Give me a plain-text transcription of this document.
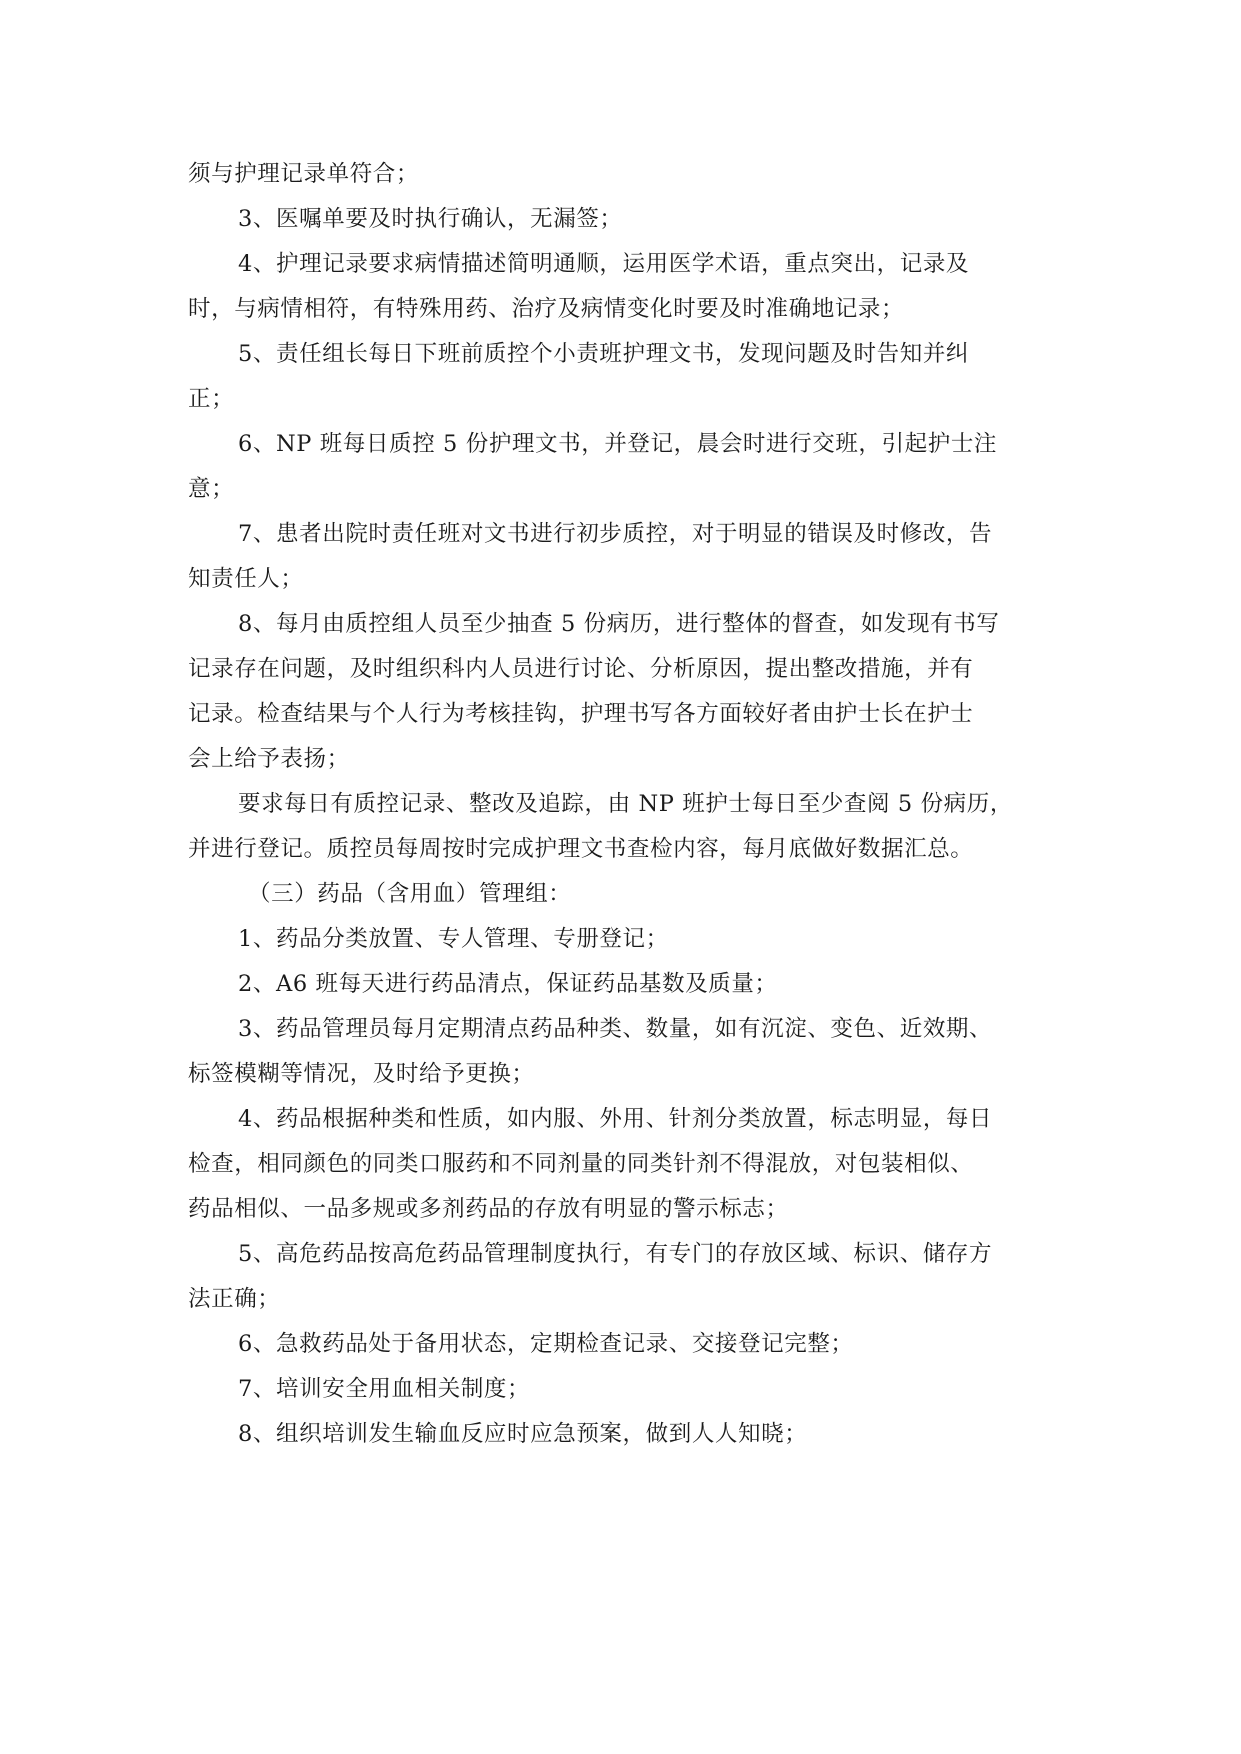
须与护理记录单符合；

3、医嘱单要及时执行确认，无漏签；

4、护理记录要求病情描述简明通顺，运用医学术语，重点突出，记录及

时，与病情相符，有特殊用药、治疗及病情变化时要及时准确地记录；

5、责任组长每日下班前质控个小责班护理文书，发现问题及时告知并纠

正；

6、NP 班每日质控 5 份护理文书，并登记，晨会时进行交班，引起护士注

意；

7、患者出院时责任班对文书进行初步质控，对于明显的错误及时修改，告

知责任人；

8、每月由质控组人员至少抽查 5 份病历，进行整体的督查，如发现有书写

记录存在问题，及时组织科内人员进行讨论、分析原因，提出整改措施，并有

记录。检查结果与个人行为考核挂钩，护理书写各方面较好者由护士长在护士

会上给予表扬；

要求每日有质控记录、整改及追踪，由 NP 班护士每日至少查阅 5 份病历，

并进行登记。质控员每周按时完成护理文书查检内容，每月底做好数据汇总。

（三）药品（含用血）管理组：

1、药品分类放置、专人管理、专册登记；

2、A6 班每天进行药品清点，保证药品基数及质量；

3、药品管理员每月定期清点药品种类、数量，如有沉淀、变色、近效期、

标签模糊等情况，及时给予更换；

4、药品根据种类和性质，如内服、外用、针剂分类放置，标志明显，每日

检查，相同颜色的同类口服药和不同剂量的同类针剂不得混放，对包装相似、

药品相似、一品多规或多剂药品的存放有明显的警示标志；

5、高危药品按高危药品管理制度执行，有专门的存放区域、标识、储存方

法正确；

6、急救药品处于备用状态，定期检查记录、交接登记完整；

7、培训安全用血相关制度；

8、组织培训发生输血反应时应急预案，做到人人知晓；
